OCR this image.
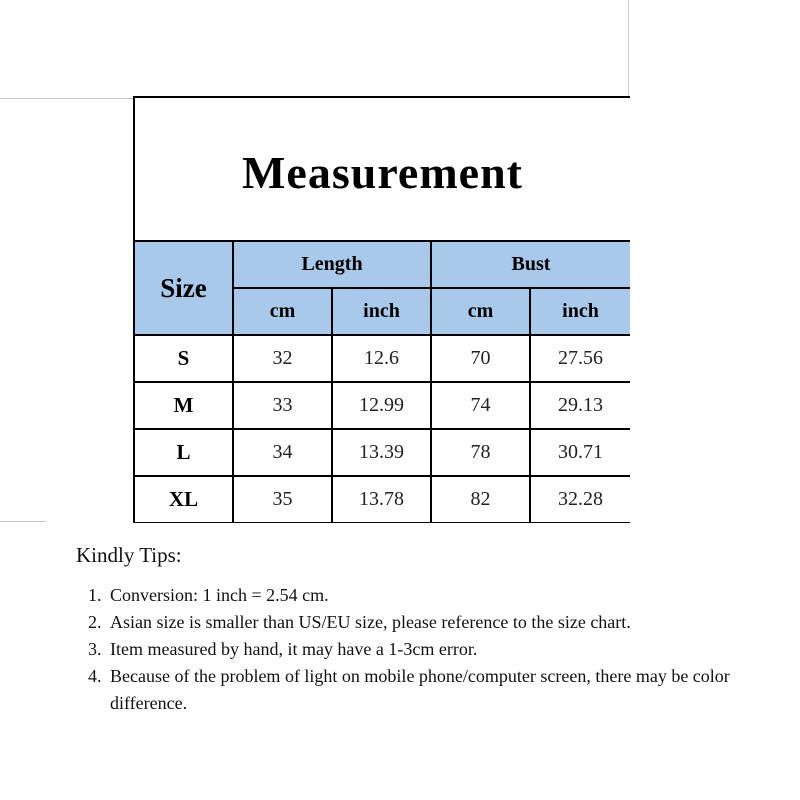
Measurement
Size	Length		Bust	
	cm	inch	cm	inch
S	32	12.6	70	27.56
M	33	12.99	74	29.13
L	34	13.39	78	30.71
XL	35	13.78	82	32.28

Kindly Tips:

1. Conversion: 1 inch = 2.54 cm.
2. Asian size is smaller than US/EU size, please reference to the size chart.
3. Item measured by hand, it may have a 1-3cm error.
4. Because of the problem of light on mobile phone/computer screen, there may be color difference.
